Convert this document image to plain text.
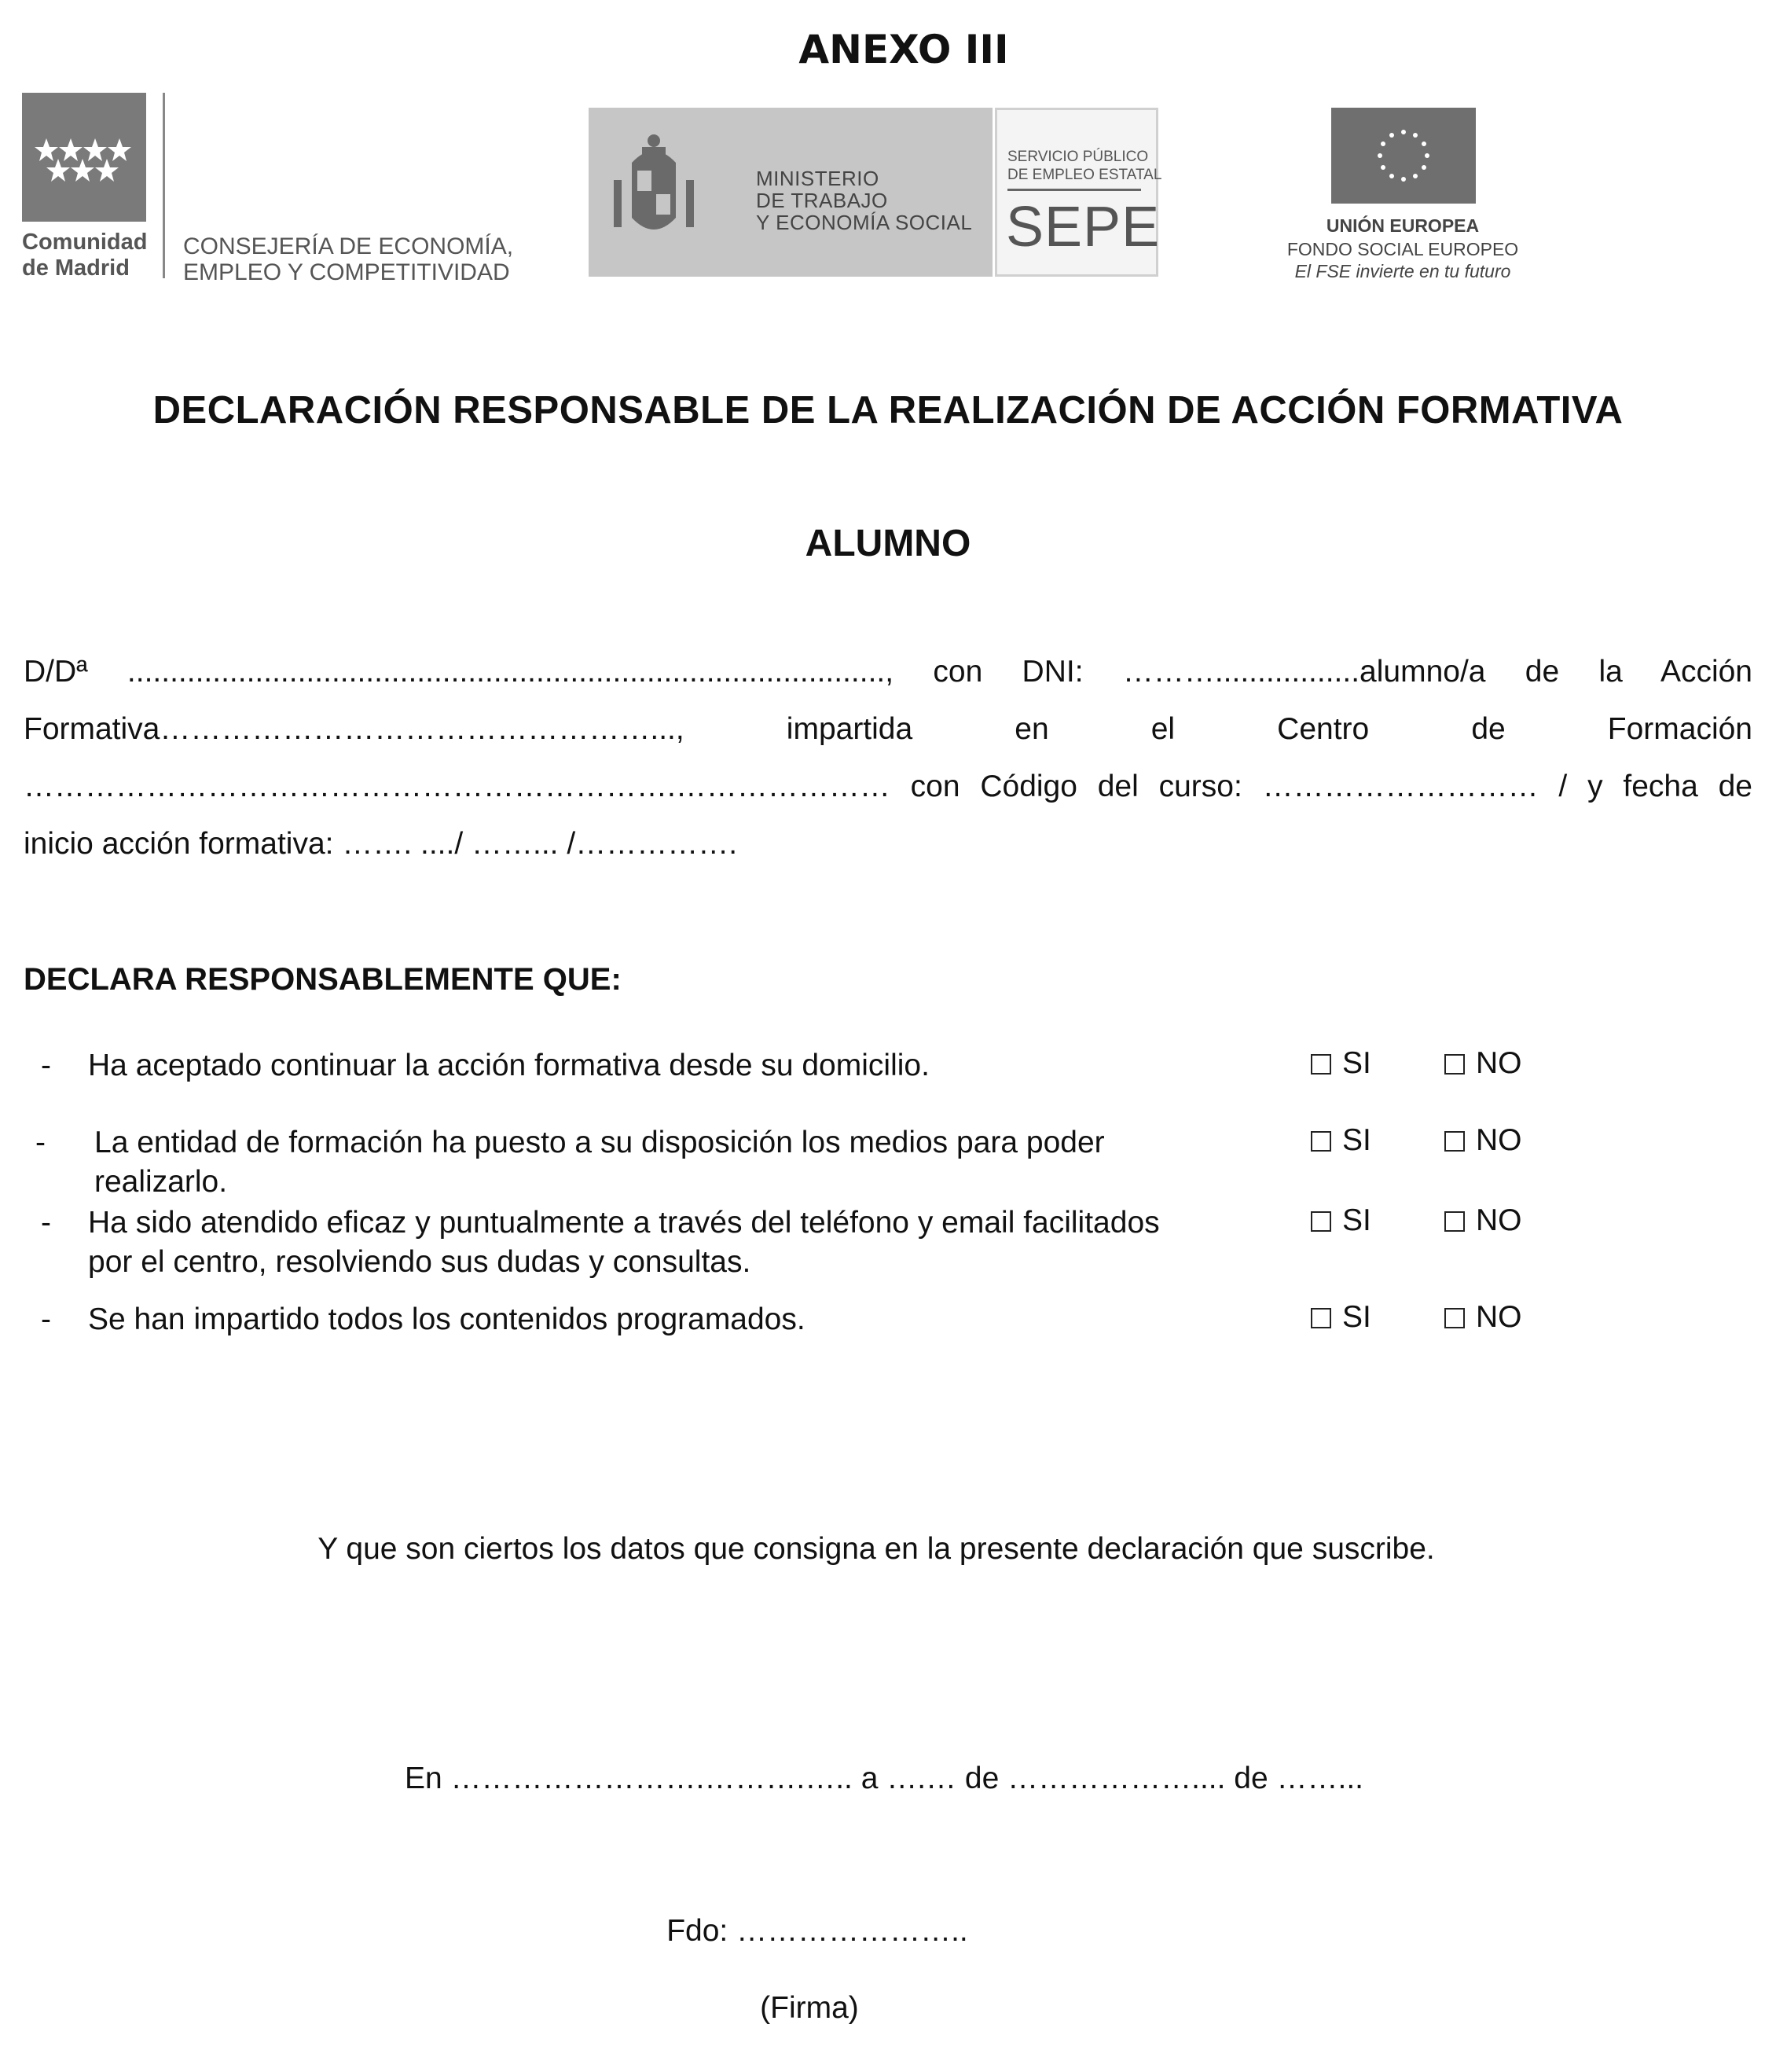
ANEXO III
Comunidad
de Madrid
CONSEJERÍA DE ECONOMÍA,
EMPLEO Y COMPETITIVIDAD
MINISTERIO
DE TRABAJO
Y ECONOMÍA SOCIAL
SERVICIO PÚBLICO
DE EMPLEO ESTATAL
SEPE	UNIÓN EUROPEA
FONDO SOCIAL EUROPEO
El FSE invierte en tu futuro
DECLARACIÓN RESPONSABLE DE LA REALIZACIÓN DE ACCIÓN FORMATIVA
ALUMNO
D/Dª ........................................................................................., con DNI: ……….................alumno/a de la Acción
Formativa…………………………………………..., impartida en el Centro de Formación
……………………………………………………….………………… con Código del curso: ……………………… / y fecha de
inicio acción formativa: ……. ..../ ……... /…………….
DECLARA RESPONSABLEMENTE QUE:
- Ha aceptado continuar la acción formativa desde su domicilio.	SI	NO
- La entidad de formación ha puesto a su disposición los medios para poder
realizarlo.
SI	NO
- Ha sido atendido eficaz y puntualmente a través del teléfono y email facilitados
por el centro, resolviendo sus dudas y consultas.
SI	NO
- Se han impartido todos los contenidos programados.	SI	NO
Y que son ciertos los datos que consigna en la presente declaración que suscribe.
En …………………….……….….. a ….… de ……………….... de ……...
Fdo: …………………..
(Firma)
